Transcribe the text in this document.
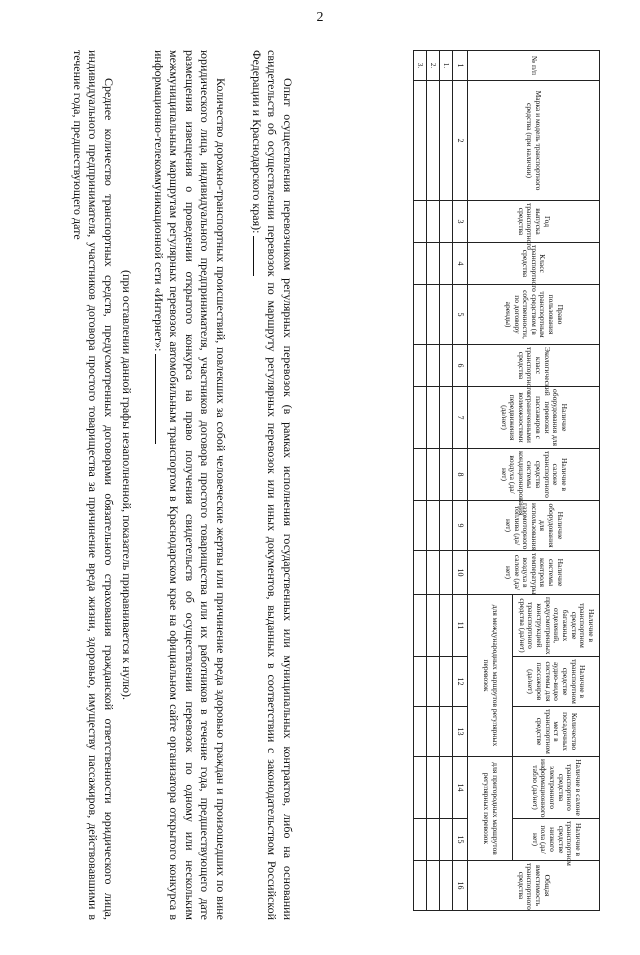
2
№ п/п	Марка и модель транспортного средства (при наличии)	Год выпуска транспортного средства	Класс транспортного средства	Право пользования транспортным средством (в собственности, по договору аренды)	Экологический класс транспортного средства	Наличие оборудования для перевозки пассажиров с ограниченными возможностями передвижения (да/нет)	Наличие в салоне транспортного средства системы кондиционирования воздуха (да/нет)	Наличие оборудования для использования газомоторного топлива (да/нет)	Наличие системы контроля температуры воздуха в салоне (да/нет)	Наличие в транспортном средстве багажных отделений, предусмотренных конструкцией транспортного средства (да/нет)	Наличие в транспортном средстве аудио-видео системы для пассажиров (да/нет)	Количество посадочных мест в транспортном средстве	Наличие в салоне транспортного средства электронного информационного табло (да/нет)	Наличие в транспортном средстве низкого пола (да/нет)	Общая вместимость транспортного средства
										для международных маршрутов регулярных перевозок			для пригородных маршрутов регулярных перевозок		
1	2	3	4	5	6	7	8	9	10	11	12	13	14	15	16
1.															
2.															
3.															
Опыт осуществления перевозчиком регулярных перевозок (в рамках исполнения государственных или муниципальных контрактов, либо на основании свидетельств об осуществлении перевозок по маршруту регулярных перевозок или иных документов, выданных в соответствии с законодательством Российской Федерации и Краснодарского края):
Количество дорожно-транспортных происшествий, повлекших за собой человеческие жертвы или причинение вреда здоровью граждан и произошедших по вине юридического лица, индивидуального предпринимателя, участников договора простого товарищества или их работников в течение года, предшествующего дате размещения извещения о проведении открытого конкурса на право получения свидетельств об осуществлении перевозок по одному или нескольким межмуниципальным маршрутам регулярных перевозок автомобильным транспортом в Краснодарском крае на официальном сайте организатора открытого конкурса в информационно-телекоммуникационной сети «Интернет»:
(при оставлении данной графы незаполненной, показатель приравнивается к нулю).
Среднее количество транспортных средств, предусмотренных договорами обязательного страхования гражданской ответственности юридического лица, индивидуального предпринимателя, участников договора простого товарищества за причинение вреда жизни, здоровью, имуществу пассажиров, действовавшими в течение года, предшествующего дате
